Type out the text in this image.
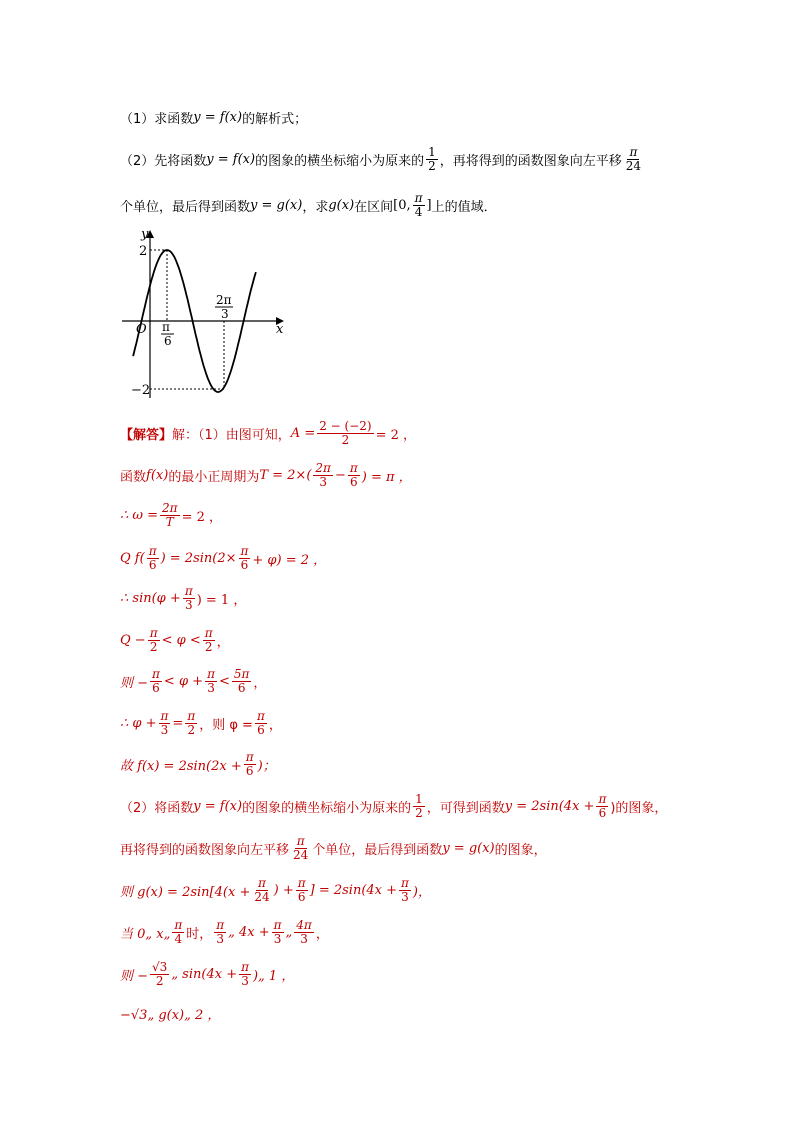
（1）求函数 y = f(x) 的解析式；
（2）先将函数 y = f(x) 的图象的横坐标缩小为原来的 $\frac{1}{2}$ ，再将得到的函数图象向左平移 $\frac{\pi}{24}$
个单位，最后得到函数 y = g(x) ，求 g(x) 在区间 [0, $\frac{\pi}{4}$ ] 上的值域．
y
x
O
2
−2
π
6
2π
3
【解答】 解：（1）由图可知， $A = \frac{2 - (-2)}{2} = 2$ ，
函数 f(x) 的最小正周期为 $T = 2\times( \frac{2\pi}{3} - \frac{\pi}{6}$ ) = π ，
∴ $\omega = \frac{2\pi}{T} = 2$ ，
Q $f( \frac{\pi}{6}$ ) = $2\sin(2\times \frac{\pi}{6} + \varphi) = 2$ ，
∴ $\sin(\varphi + \frac{\pi}{3}$ ) = 1 ，
$Q - \frac{\pi}{2} < \varphi < \frac{\pi}{2}$ ，
则 − $\frac{\pi}{6} < \varphi + \frac{\pi}{3} < \frac{5\pi}{6}$ ，
∴ $\varphi + \frac{\pi}{3} = \frac{\pi}{2}$ ，则 $\varphi = \frac{\pi}{6}$ ，
故 $f(x) = 2\sin(2x + \frac{\pi}{6}$ )；
（2）将函数 y = f(x) 的图象的横坐标缩小为原来的 $\frac{1}{2}$ ，可得到函数 $y = 2\sin(4x + \frac{\pi}{6}$ )的图象，
再将得到的函数图象向左平移 $\frac{\pi}{24}$ 个单位，最后得到函数 y = g(x) 的图象，
则 $g(x) = 2\sin[4(x + \frac{\pi}{24}$ ) + $\frac{\pi}{6}$ ] = $2\sin(4x + \frac{\pi}{3}$ )，
当 0„ x„ $\frac{\pi}{4}$ 时， $\frac{\pi}{3}$ „ $4x + \frac{\pi}{3}$ „ $\frac{4\pi}{3}$ ，
则 − $\frac{√3}{2}$ „ $\sin(4x + \frac{\pi}{3}$ )„ 1 ，
−√3„ g(x)„ 2 ，
